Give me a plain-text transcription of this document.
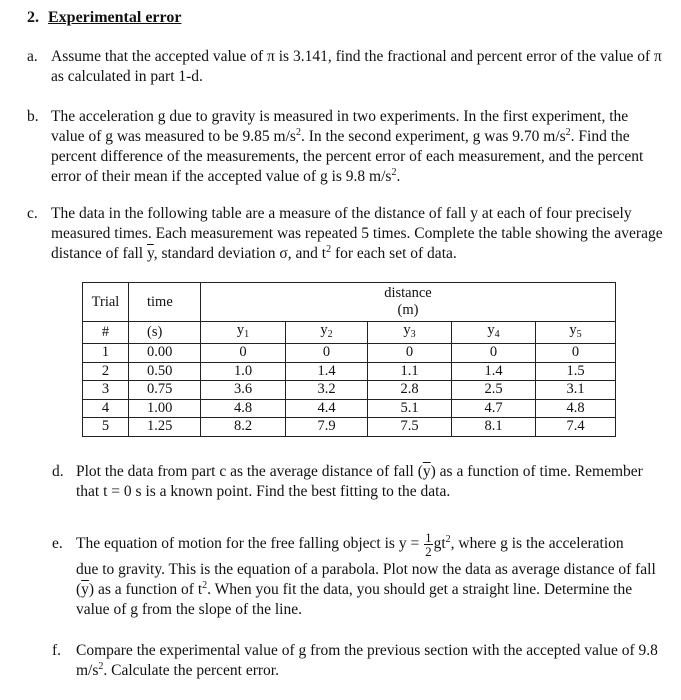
2. Experimental error
a. Assume that the accepted value of π is 3.141, find the fractional and percent error of the value of π as calculated in part 1-d.
b. The acceleration g due to gravity is measured in two experiments. In the first experiment, the value of g was measured to be 9.85 $m/s^2$. In the second experiment, g was 9.70 $m/s^2$. Find the percent difference of the measurements, the percent error of each measurement, and the percent error of their mean if the accepted value of g is 9.8 $m/s^2$.
c. The data in the following table are a measure of the distance of fall y at each of four precisely measured times. Each measurement was repeated 5 times. Complete the table showing the average distance of fall $\overline{y}$, standard deviation σ, and $t^2$ for each set of data.
Trial	time	distance
(m)				

#	(s)	$y_1$	$y_2$	$y_3$	$y_4$	$y_5$
1	0.00	0	0	0	0	0
2	0.50	1.0	1.4	1.1	1.4	1.5
3	0.75	3.6	3.2	2.8	2.5	3.1
4	1.00	4.8	4.4	5.1	4.7	4.8
5	1.25	8.2	7.9	7.5	8.1	7.4
d. Plot the data from part c as the average distance of fall $(\overline{y})$ as a function of time. Remember that t = 0 s is a known point. Find the best fitting to the data.
e. The equation of motion for the free falling object is $y = \frac{1}{2} gt^2$, where g is the acceleration
due to gravity. This is the equation of a parabola. Plot now the data as average distance of fall $(\overline{y})$ as a function of $t^2$. When you fit the data, you should get a straight line. Determine the value of g from the slope of the line.
f. Compare the experimental value of g from the previous section with the accepted value of 9.8 $m/s^2$. Calculate the percent error.
